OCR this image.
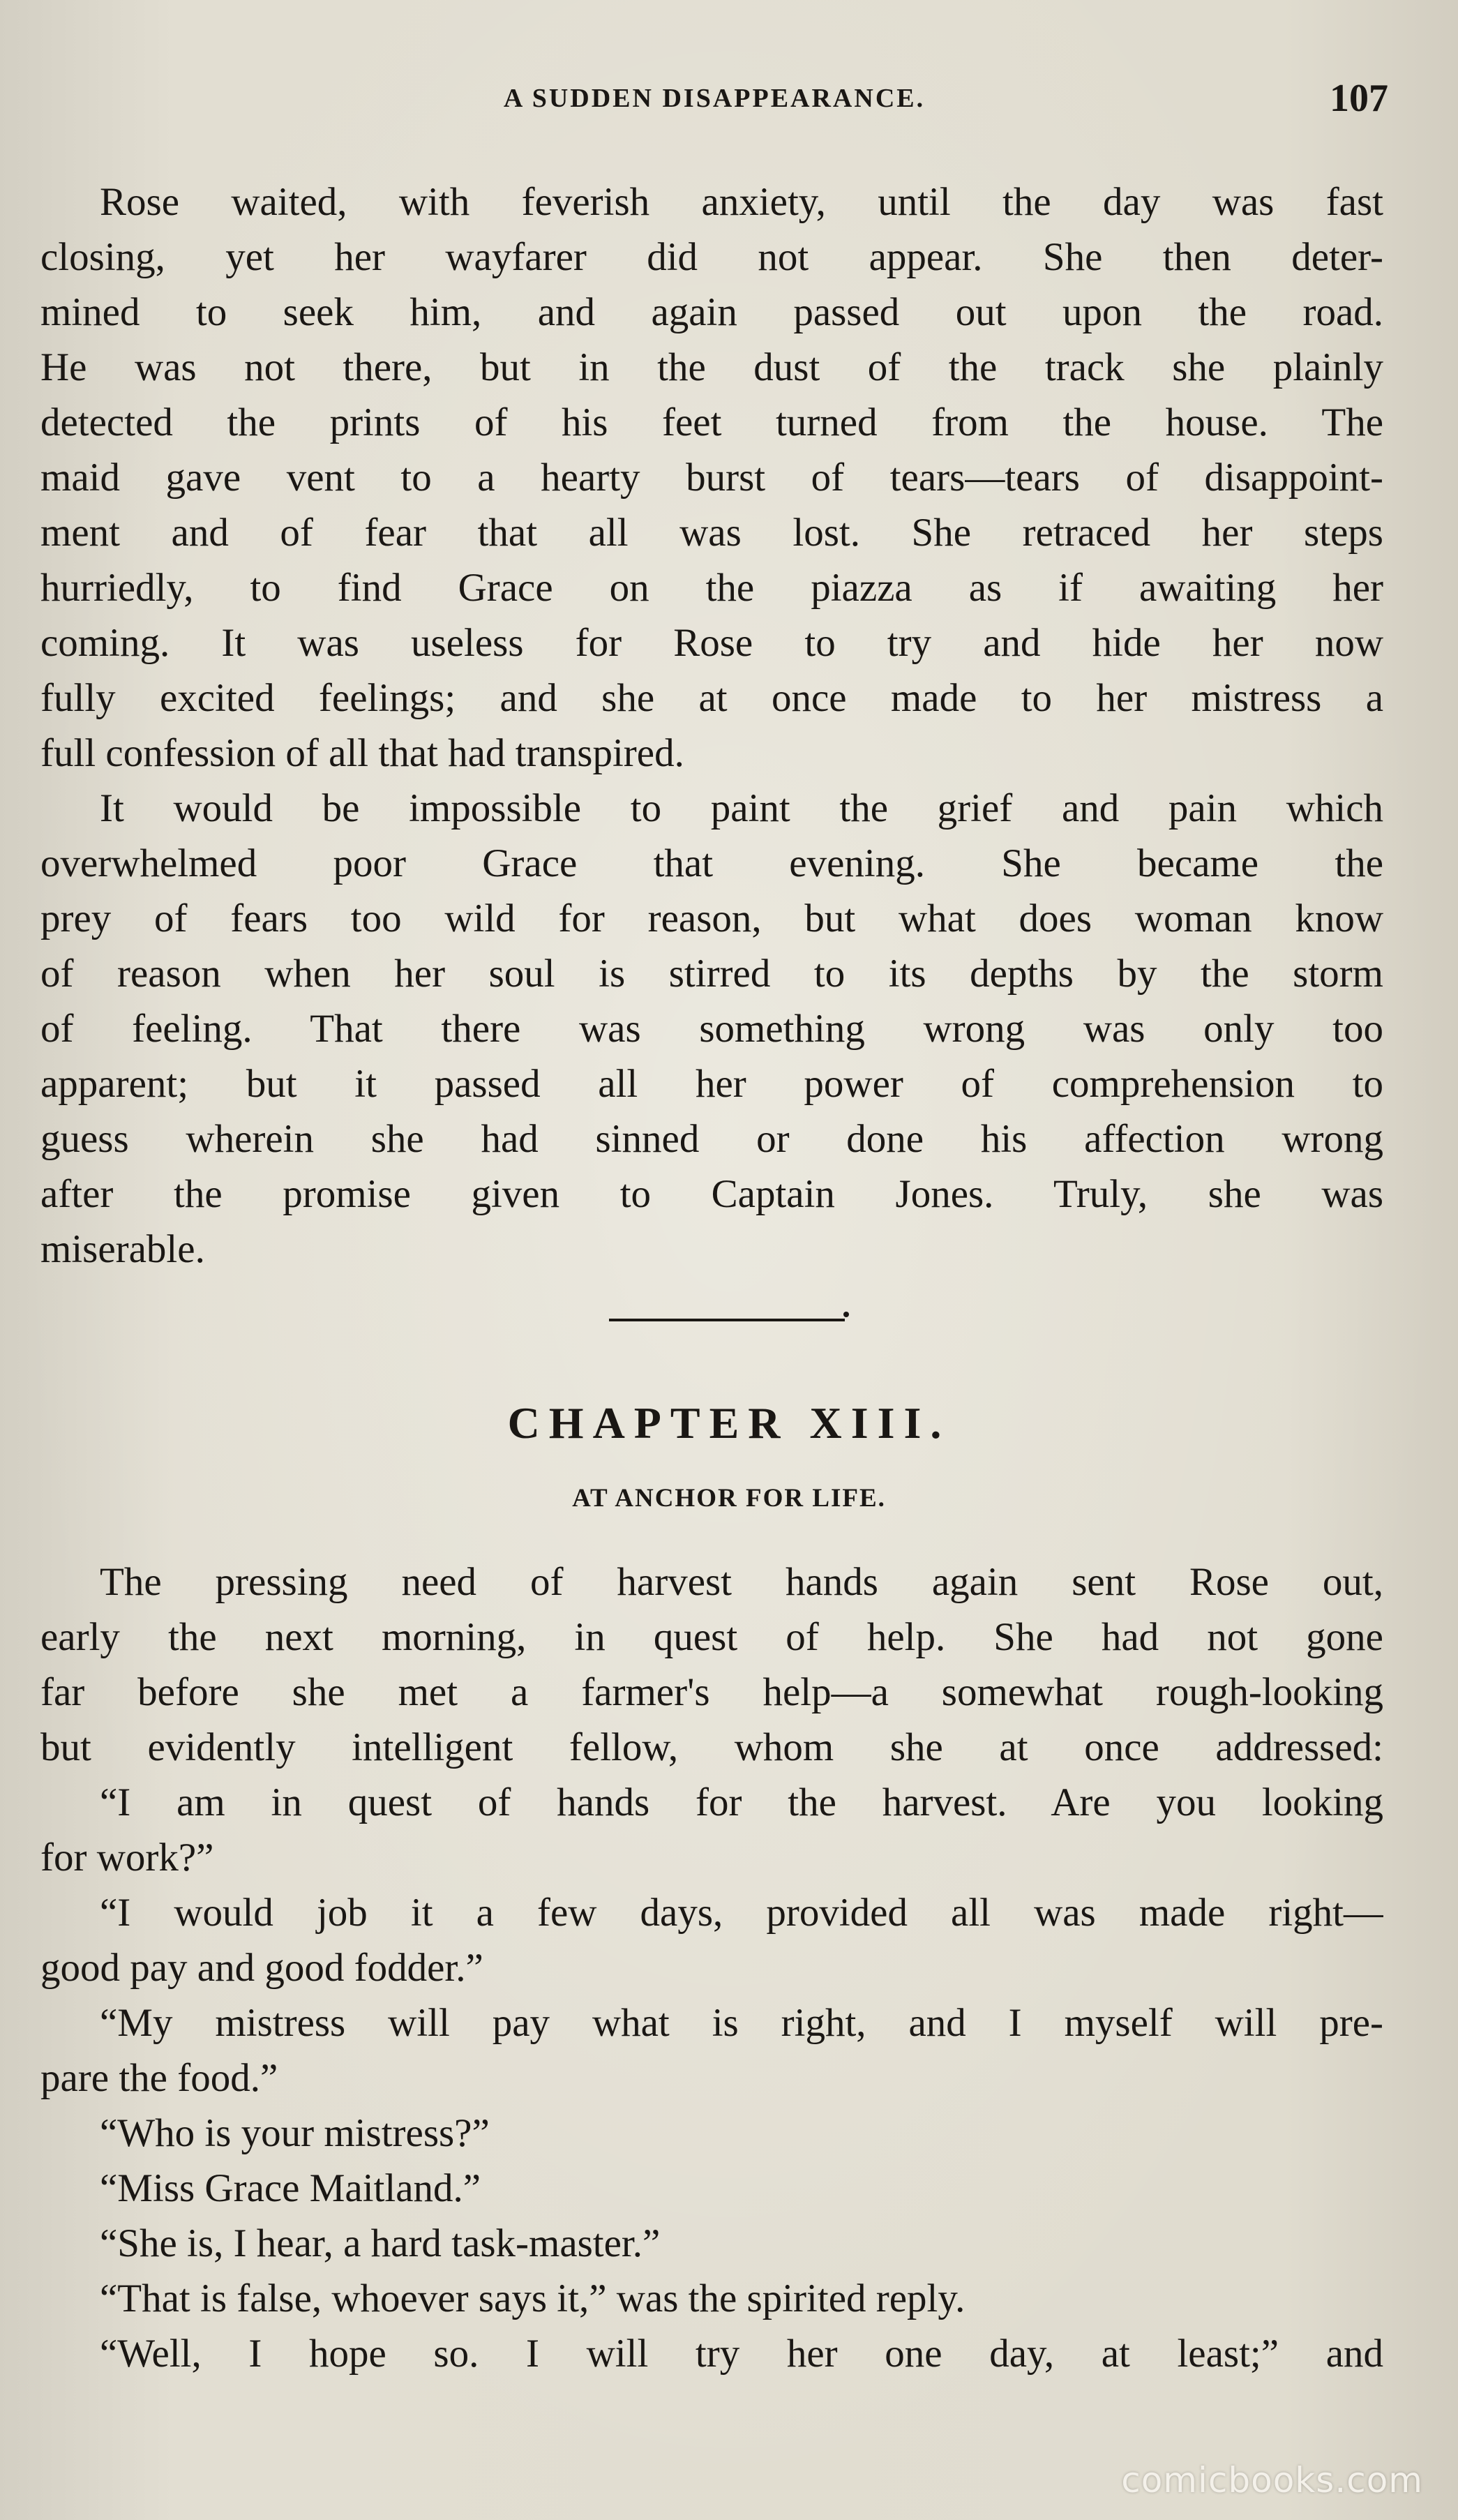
A SUDDEN DISAPPEARANCE.	107
Rose waited, with feverish anxiety, until the day was fast
closing, yet her wayfarer did not appear. She then deter-
mined to seek him, and again passed out upon the road.
He was not there, but in the dust of the track she plainly
detected the prints of his feet turned from the house. The
maid gave vent to a hearty burst of tears—tears of disappoint-
ment and of fear that all was lost. She retraced her steps
hurriedly, to find Grace on the piazza as if awaiting her
coming. It was useless for Rose to try and hide her now
fully excited feelings; and she at once made to her mistress a
full confession of all that had transpired.
It would be impossible to paint the grief and pain which
overwhelmed poor Grace that evening. She became the
prey of fears too wild for reason, but what does woman know
of reason when her soul is stirred to its depths by the storm
of feeling. That there was something wrong was only too
apparent; but it passed all her power of comprehension to
guess wherein she had sinned or done his affection wrong
after the promise given to Captain Jones. Truly, she was
miserable.
CHAPTER XIII.
AT ANCHOR FOR LIFE.
The pressing need of harvest hands again sent Rose out,
early the next morning, in quest of help. She had not gone
far before she met a farmer's help—a somewhat rough-looking
but evidently intelligent fellow, whom she at once addressed:
“I am in quest of hands for the harvest. Are you looking
for work?”
“I would job it a few days, provided all was made right—
good pay and good fodder.”
“My mistress will pay what is right, and I myself will pre-
pare the food.”
“Who is your mistress?”
“Miss Grace Maitland.”
“She is, I hear, a hard task-master.”
“That is false, whoever says it,” was the spirited reply.
“Well, I hope so. I will try her one day, at least;” and
comicbooks.com
